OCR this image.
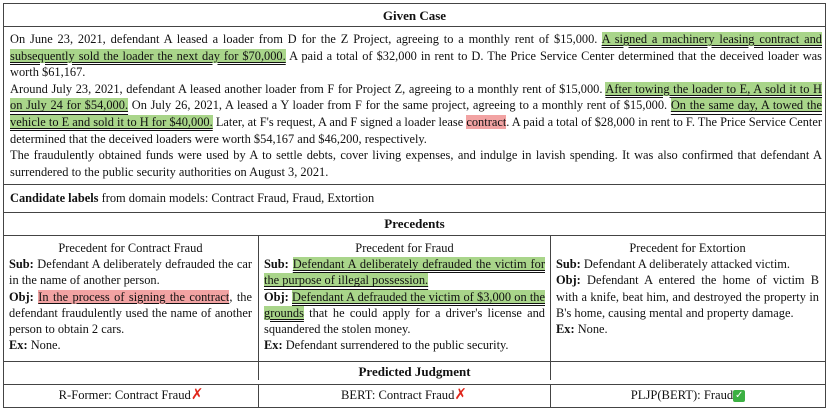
Given Case

On June 23, 2021, defendant A leased a loader from D for the Z Project, agreeing to a monthly rent of $15,000. A signed a machinery leasing contract and subsequently sold the loader the next day for $70,000. A paid a total of $32,000 in rent to D. The Price Service Center determined that the deceived loader was worth $61,167.

Around July 23, 2021, defendant A leased another loader from F for Project Z, agreeing to a monthly rent of $15,000. After towing the loader to E, A sold it to H on July 24 for $54,000. On July 26, 2021, A leased a Y loader from F for the same project, agreeing to a monthly rent of $15,000. On the same day, A towed the vehicle to E and sold it to H for $40,000. Later, at F's request, A and F signed a loader lease contract. A paid a total of $28,000 in rent to F. The Price Service Center determined that the deceived loaders were worth $54,167 and $46,200, respectively.

The fraudulently obtained funds were used by A to settle debts, cover living expenses, and indulge in lavish spending. It was also confirmed that defendant A surrendered to the public security authorities on August 3, 2021.

Candidate labels from domain models: Contract Fraud, Fraud, Extortion
Precedents
Precedent for Contract Fraud
Sub: Defendant A deliberately defrauded the car in the name of another person.
Obj: In the process of signing the contract, the defendant fraudulently used the name of another person to obtain 2 cars.
Ex: None.
Precedent for Fraud
Sub: Defendant A deliberately defrauded the victim for the purpose of illegal possession.
Obj: Defendant A defrauded the victim of $3,000 on the grounds that he could apply for a driver's license and squandered the stolen money.
Ex: Defendant surrendered to the public security.
Precedent for Extortion
Sub: Defendant A deliberately attacked victim.
Obj: Defendant A entered the home of victim B with a knife, beat him, and destroyed the property in B's home, causing mental and property damage.
Ex: None.
Predicted Judgment
R-Former: Contract Fraud✗	BERT: Contract Fraud✗	PLJP(BERT): Fraud ✓
